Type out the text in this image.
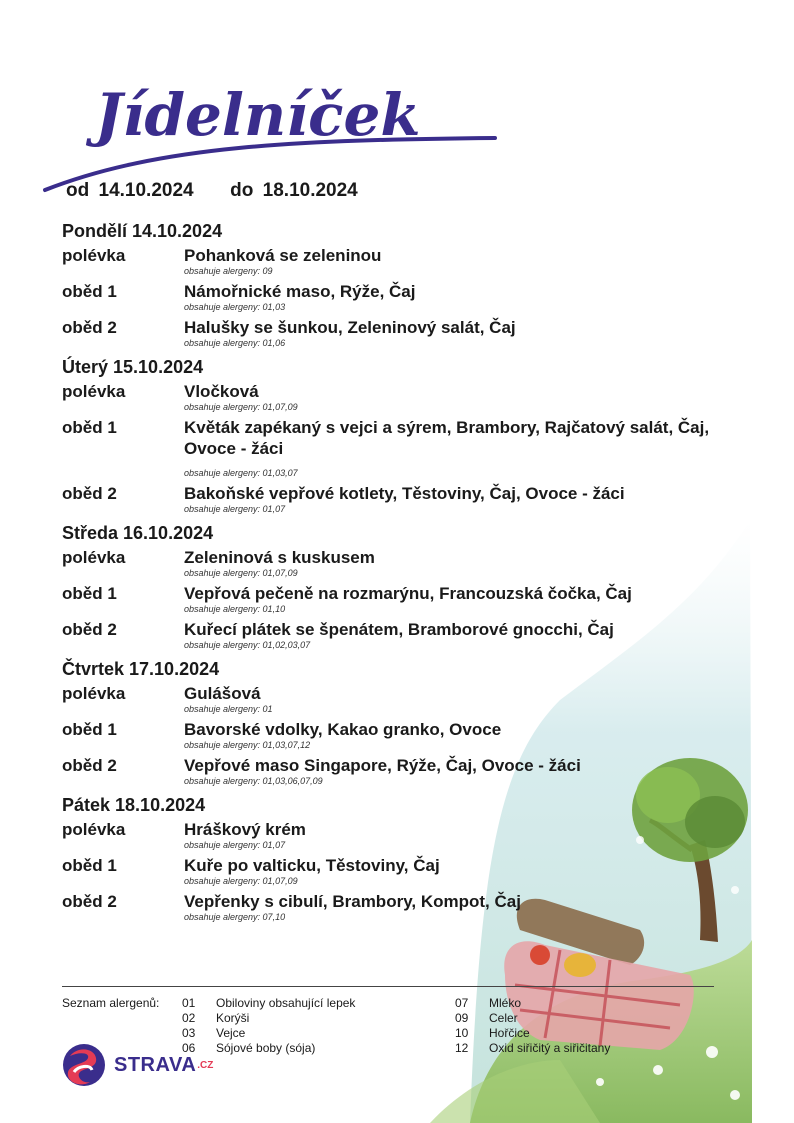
Jídelníček
od 14.10.2024 do 18.10.2024
Pondělí 14.10.2024
polévka	Pohanková se zeleninou
obsahuje alergeny: 09
oběd 1	Námořnické maso, Rýže, Čaj
obsahuje alergeny: 01,03
oběd 2	Halušky se šunkou, Zeleninový salát, Čaj
obsahuje alergeny: 01,06
Úterý 15.10.2024
polévka	Vločková
obsahuje alergeny: 01,07,09
oběd 1	Květák zapékaný s vejci a sýrem, Brambory, Rajčatový salát, Čaj, Ovoce - žáci
obsahuje alergeny: 01,03,07
oběd 2	Bakoňské vepřové kotlety, Těstoviny, Čaj, Ovoce - žáci
obsahuje alergeny: 01,07
Středa 16.10.2024
polévka	Zeleninová s kuskusem
obsahuje alergeny: 01,07,09
oběd 1	Vepřová pečeně na rozmarýnu, Francouzská čočka, Čaj
obsahuje alergeny: 01,10
oběd 2	Kuřecí plátek se špenátem, Bramborové gnocchi, Čaj
obsahuje alergeny: 01,02,03,07
Čtvrtek 17.10.2024
polévka	Gulášová
obsahuje alergeny: 01
oběd 1	Bavorské vdolky, Kakao granko, Ovoce
obsahuje alergeny: 01,03,07,12
oběd 2	Vepřové maso Singapore, Rýže, Čaj, Ovoce - žáci
obsahuje alergeny: 01,03,06,07,09
Pátek 18.10.2024
polévka	Hráškový krém
obsahuje alergeny: 01,07
oběd 1	Kuře po valticku, Těstoviny, Čaj
obsahuje alergeny: 01,07,09
oběd 2	Vepřenky s cibulí, Brambory, Kompot, Čaj
obsahuje alergeny: 07,10
Seznam alergenů: 01	Obiloviny obsahující lepek
02	Korýši
03	Vejce
06	Sójové boby (sója)
07	Mléko
09	Celer
10	Hořčice
12	Oxid siřičitý a siřičitany
STRAVA .CZ
